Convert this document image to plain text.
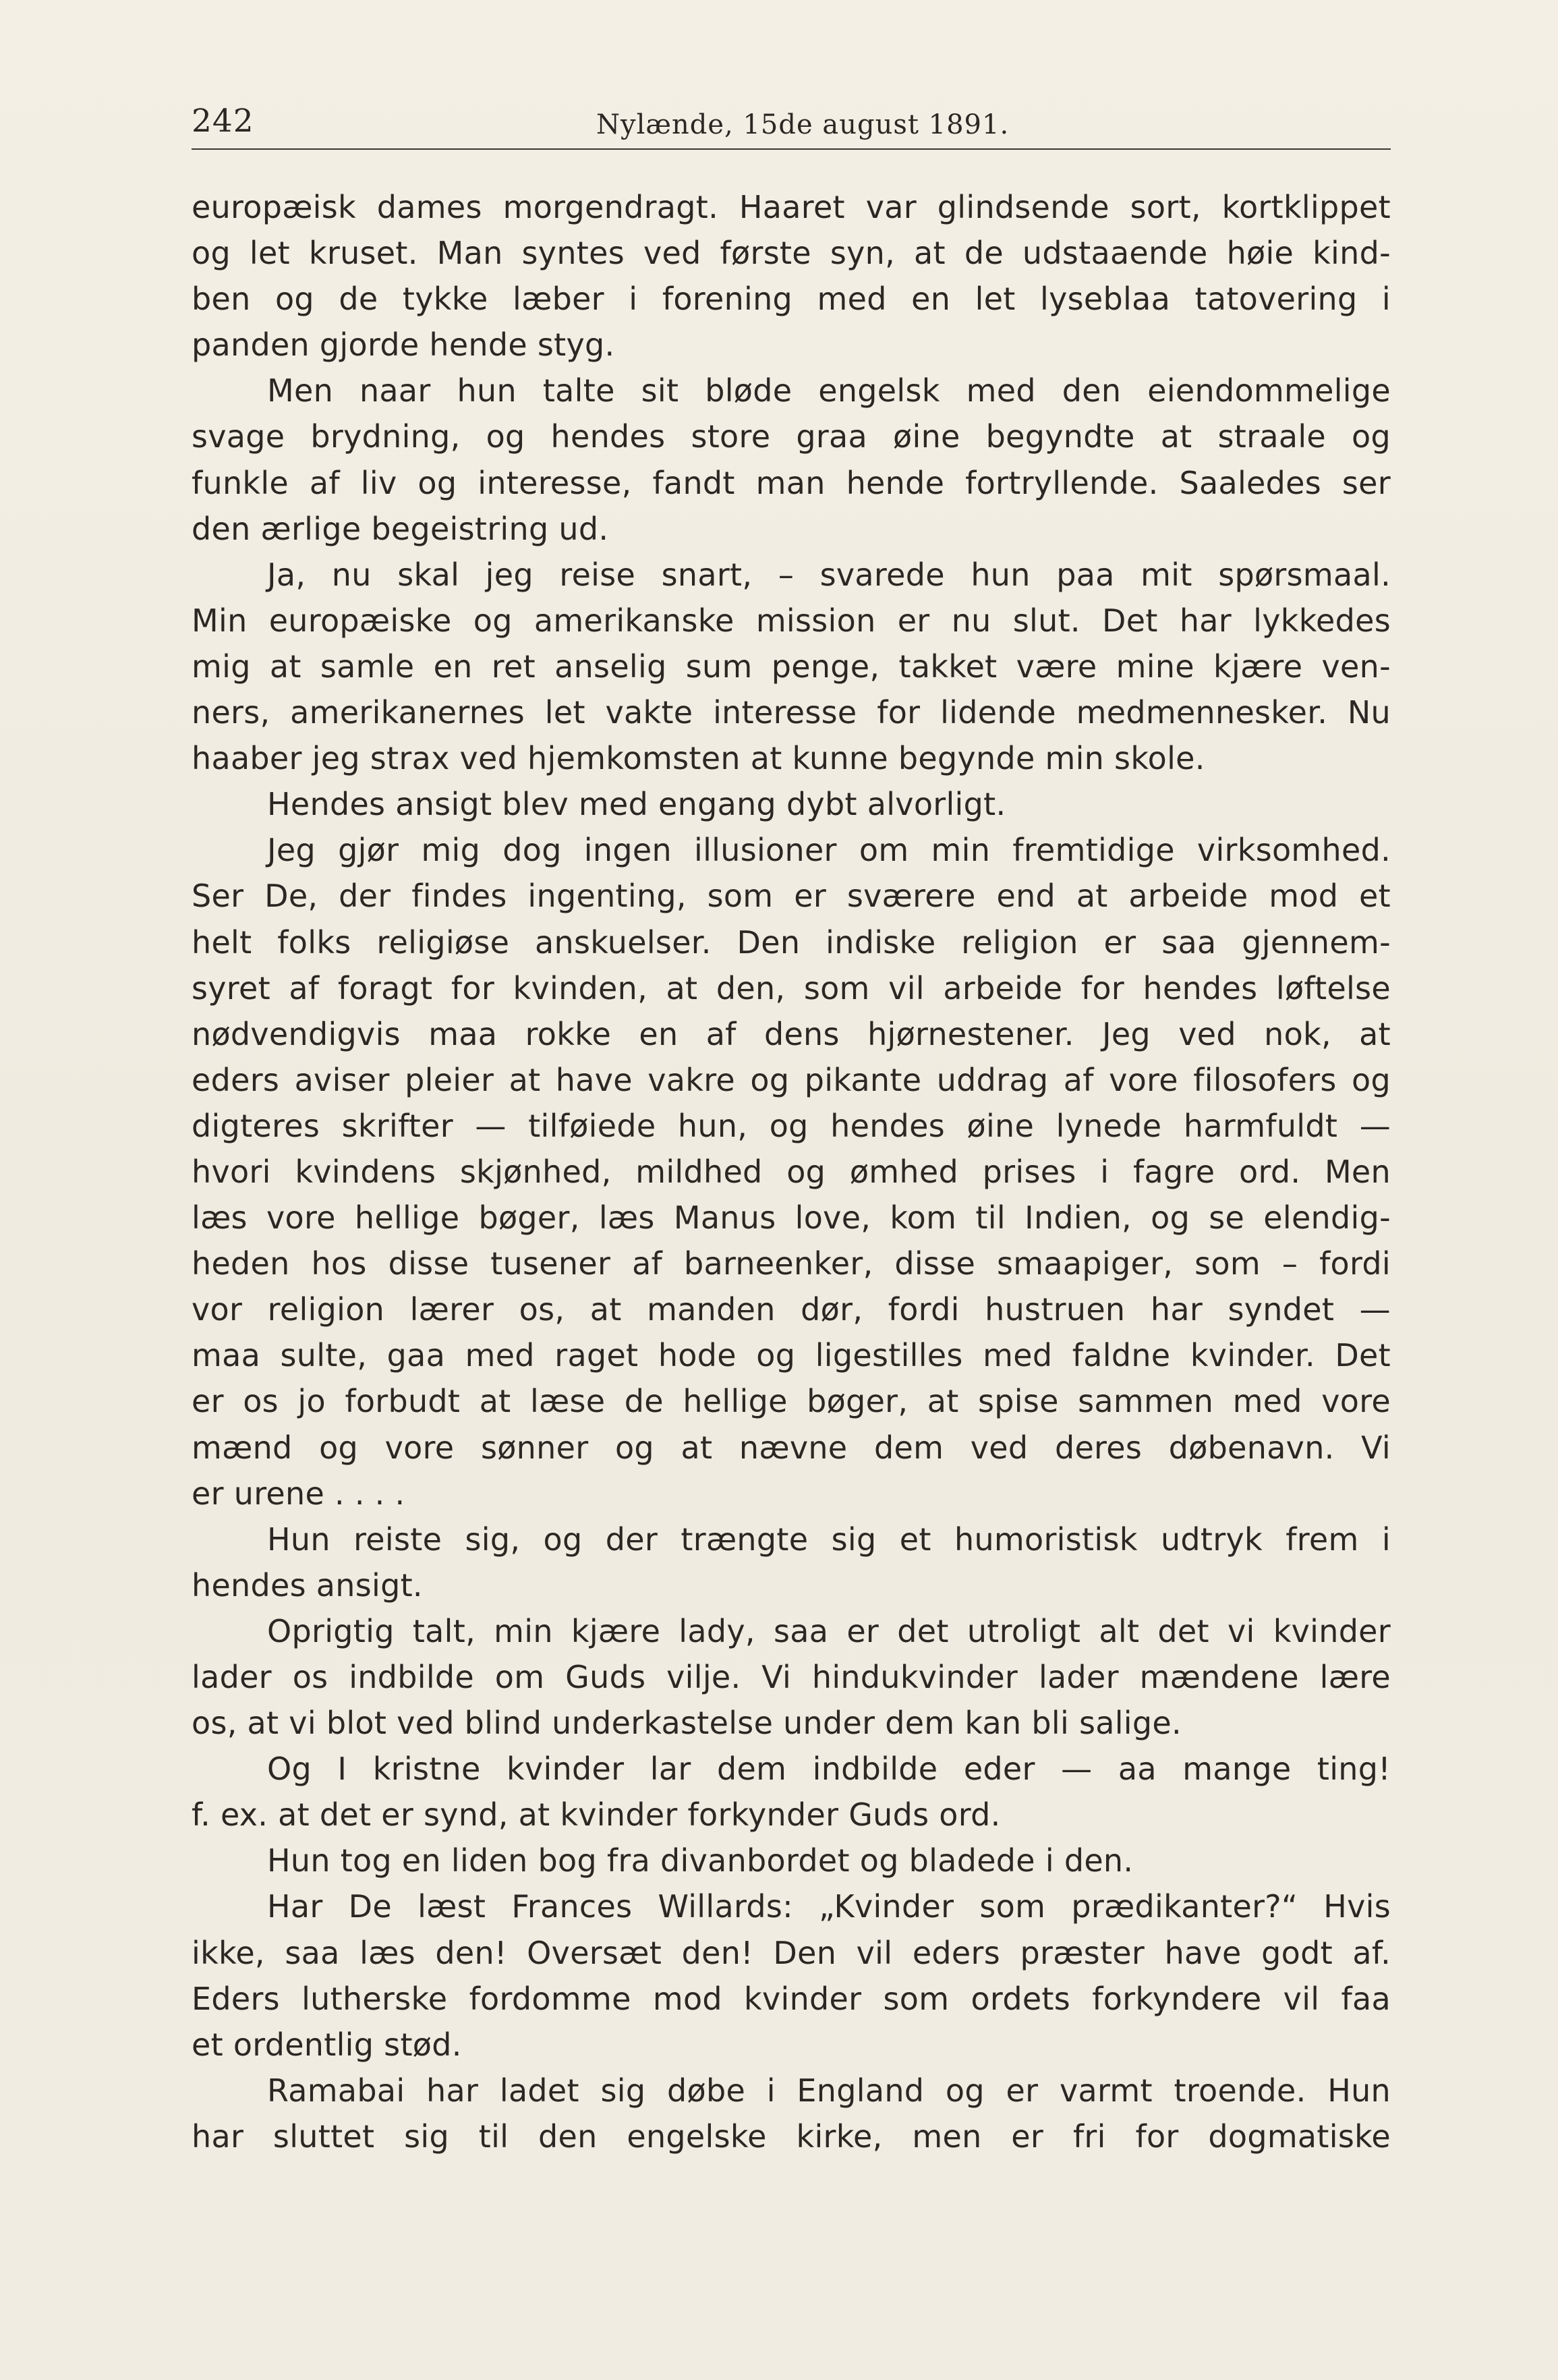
242	Nylænde, 15de august 1891.
europæisk dames morgendragt. Haaret var glindsende sort, kortklippet
og let kruset. Man syntes ved første syn, at de udstaaende høie kind-
ben og de tykke læber i forening med en let lyseblaa tatovering i
panden gjorde hende styg.
Men naar hun talte sit bløde engelsk med den eiendommelige
svage brydning, og hendes store graa øine begyndte at straale og
funkle af liv og interesse, fandt man hende fortryllende. Saaledes ser
den ærlige begeistring ud.
Ja, nu skal jeg reise snart, – svarede hun paa mit spørsmaal.
Min europæiske og amerikanske mission er nu slut. Det har lykkedes
mig at samle en ret anselig sum penge, takket være mine kjære ven-
ners, amerikanernes let vakte interesse for lidende medmennesker. Nu
haaber jeg strax ved hjemkomsten at kunne begynde min skole.
Hendes ansigt blev med engang dybt alvorligt.
Jeg gjør mig dog ingen illusioner om min fremtidige virksomhed.
Ser De, der findes ingenting, som er sværere end at arbeide mod et
helt folks religiøse anskuelser. Den indiske religion er saa gjennem-
syret af foragt for kvinden, at den, som vil arbeide for hendes løftelse
nødvendigvis maa rokke en af dens hjørnestener. Jeg ved nok, at
eders aviser pleier at have vakre og pikante uddrag af vore filosofers og
digteres skrifter — tilføiede hun, og hendes øine lynede harmfuldt —
hvori kvindens skjønhed, mildhed og ømhed prises i fagre ord. Men
læs vore hellige bøger, læs Manus love, kom til Indien, og se elendig-
heden hos disse tusener af barneenker, disse smaapiger, som – fordi
vor religion lærer os, at manden dør, fordi hustruen har syndet —
maa sulte, gaa med raget hode og ligestilles med faldne kvinder. Det
er os jo forbudt at læse de hellige bøger, at spise sammen med vore
mænd og vore sønner og at nævne dem ved deres døbenavn. Vi
er urene . . . .
Hun reiste sig, og der trængte sig et humoristisk udtryk frem i
hendes ansigt.
Oprigtig talt, min kjære lady, saa er det utroligt alt det vi kvinder
lader os indbilde om Guds vilje. Vi hindukvinder lader mændene lære
os, at vi blot ved blind underkastelse under dem kan bli salige.
Og I kristne kvinder lar dem indbilde eder — aa mange ting!
f. ex. at det er synd, at kvinder forkynder Guds ord.
Hun tog en liden bog fra divanbordet og bladede i den.
Har De læst Frances Willards: „Kvinder som prædikanter?“ Hvis
ikke, saa læs den! Oversæt den! Den vil eders præster have godt af.
Eders lutherske fordomme mod kvinder som ordets forkyndere vil faa
et ordentlig stød.
Ramabai har ladet sig døbe i England og er varmt troende. Hun
har sluttet sig til den engelske kirke, men er fri for dogmatiske
